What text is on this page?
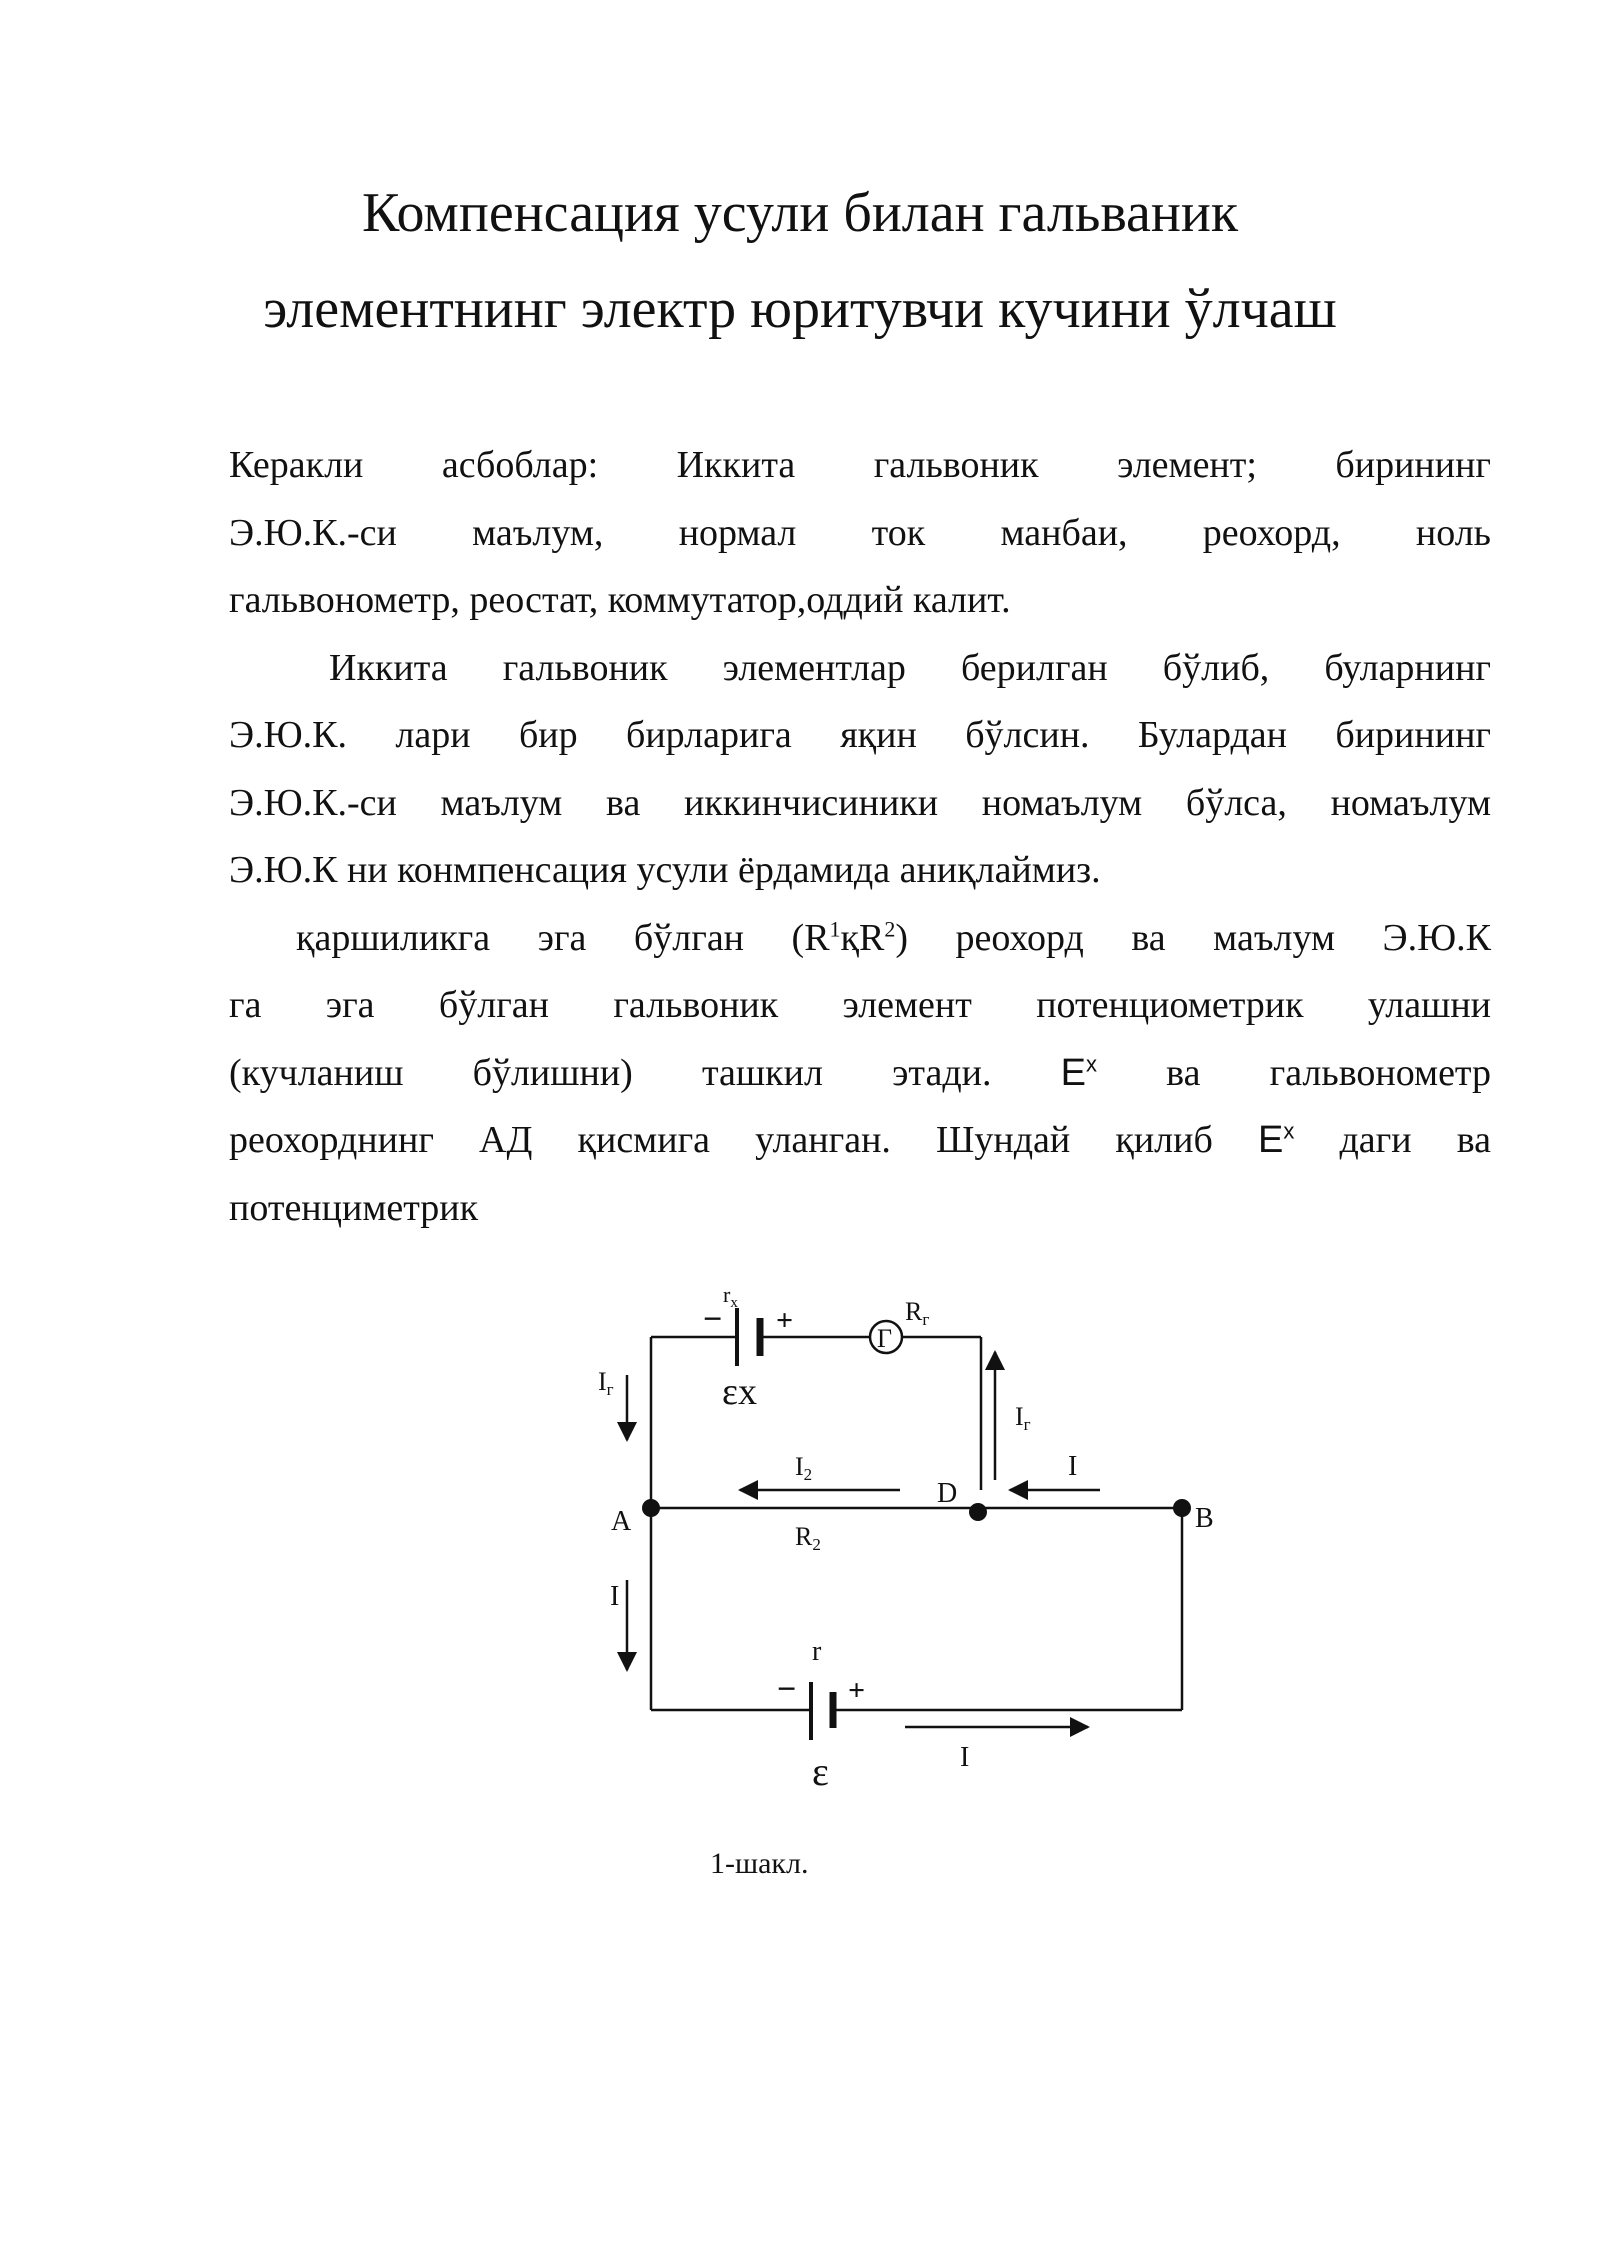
Компенсация усули билан гальваник
элементнинг электр юритувчи кучини ўлчаш
Керакли асбоблар: Иккита гальвоник элемент; бирининг
Э.Ю.К.-си маълум, нормал ток манбаи, реохорд, ноль
гальвонометр, реостат, коммутатор,оддий калит.
Иккита гальвоник элементлар берилган бўлиб, буларнинг
Э.Ю.К. лари бир бирларига яқин бўлсин. Булардан бирининг
Э.Ю.К.-си маълум ва иккинчисиники номаълум бўлса, номаълум
Э.Ю.К ни конмпенсация усули ёрдамида аниқлаймиз.
қаршиликга эга бўлган $(R^1қR^2)$ реохорд ва маълум Э.Ю.К
га эга бўлган гальвоник элемент потенциометрик улашни
(кучланиш бўлишни) ташкил этади. $E^x$ ва гальвонометр
реохорднинг АД қисмига уланган. Шундай қилиб $E^x$ даги ва
потенциметрик
$r_x$
− +
εx
Rг
Г
Iг
Iг
I2	I
D
A	B
R2
I
r
− +
ε	I
1-шакл.
